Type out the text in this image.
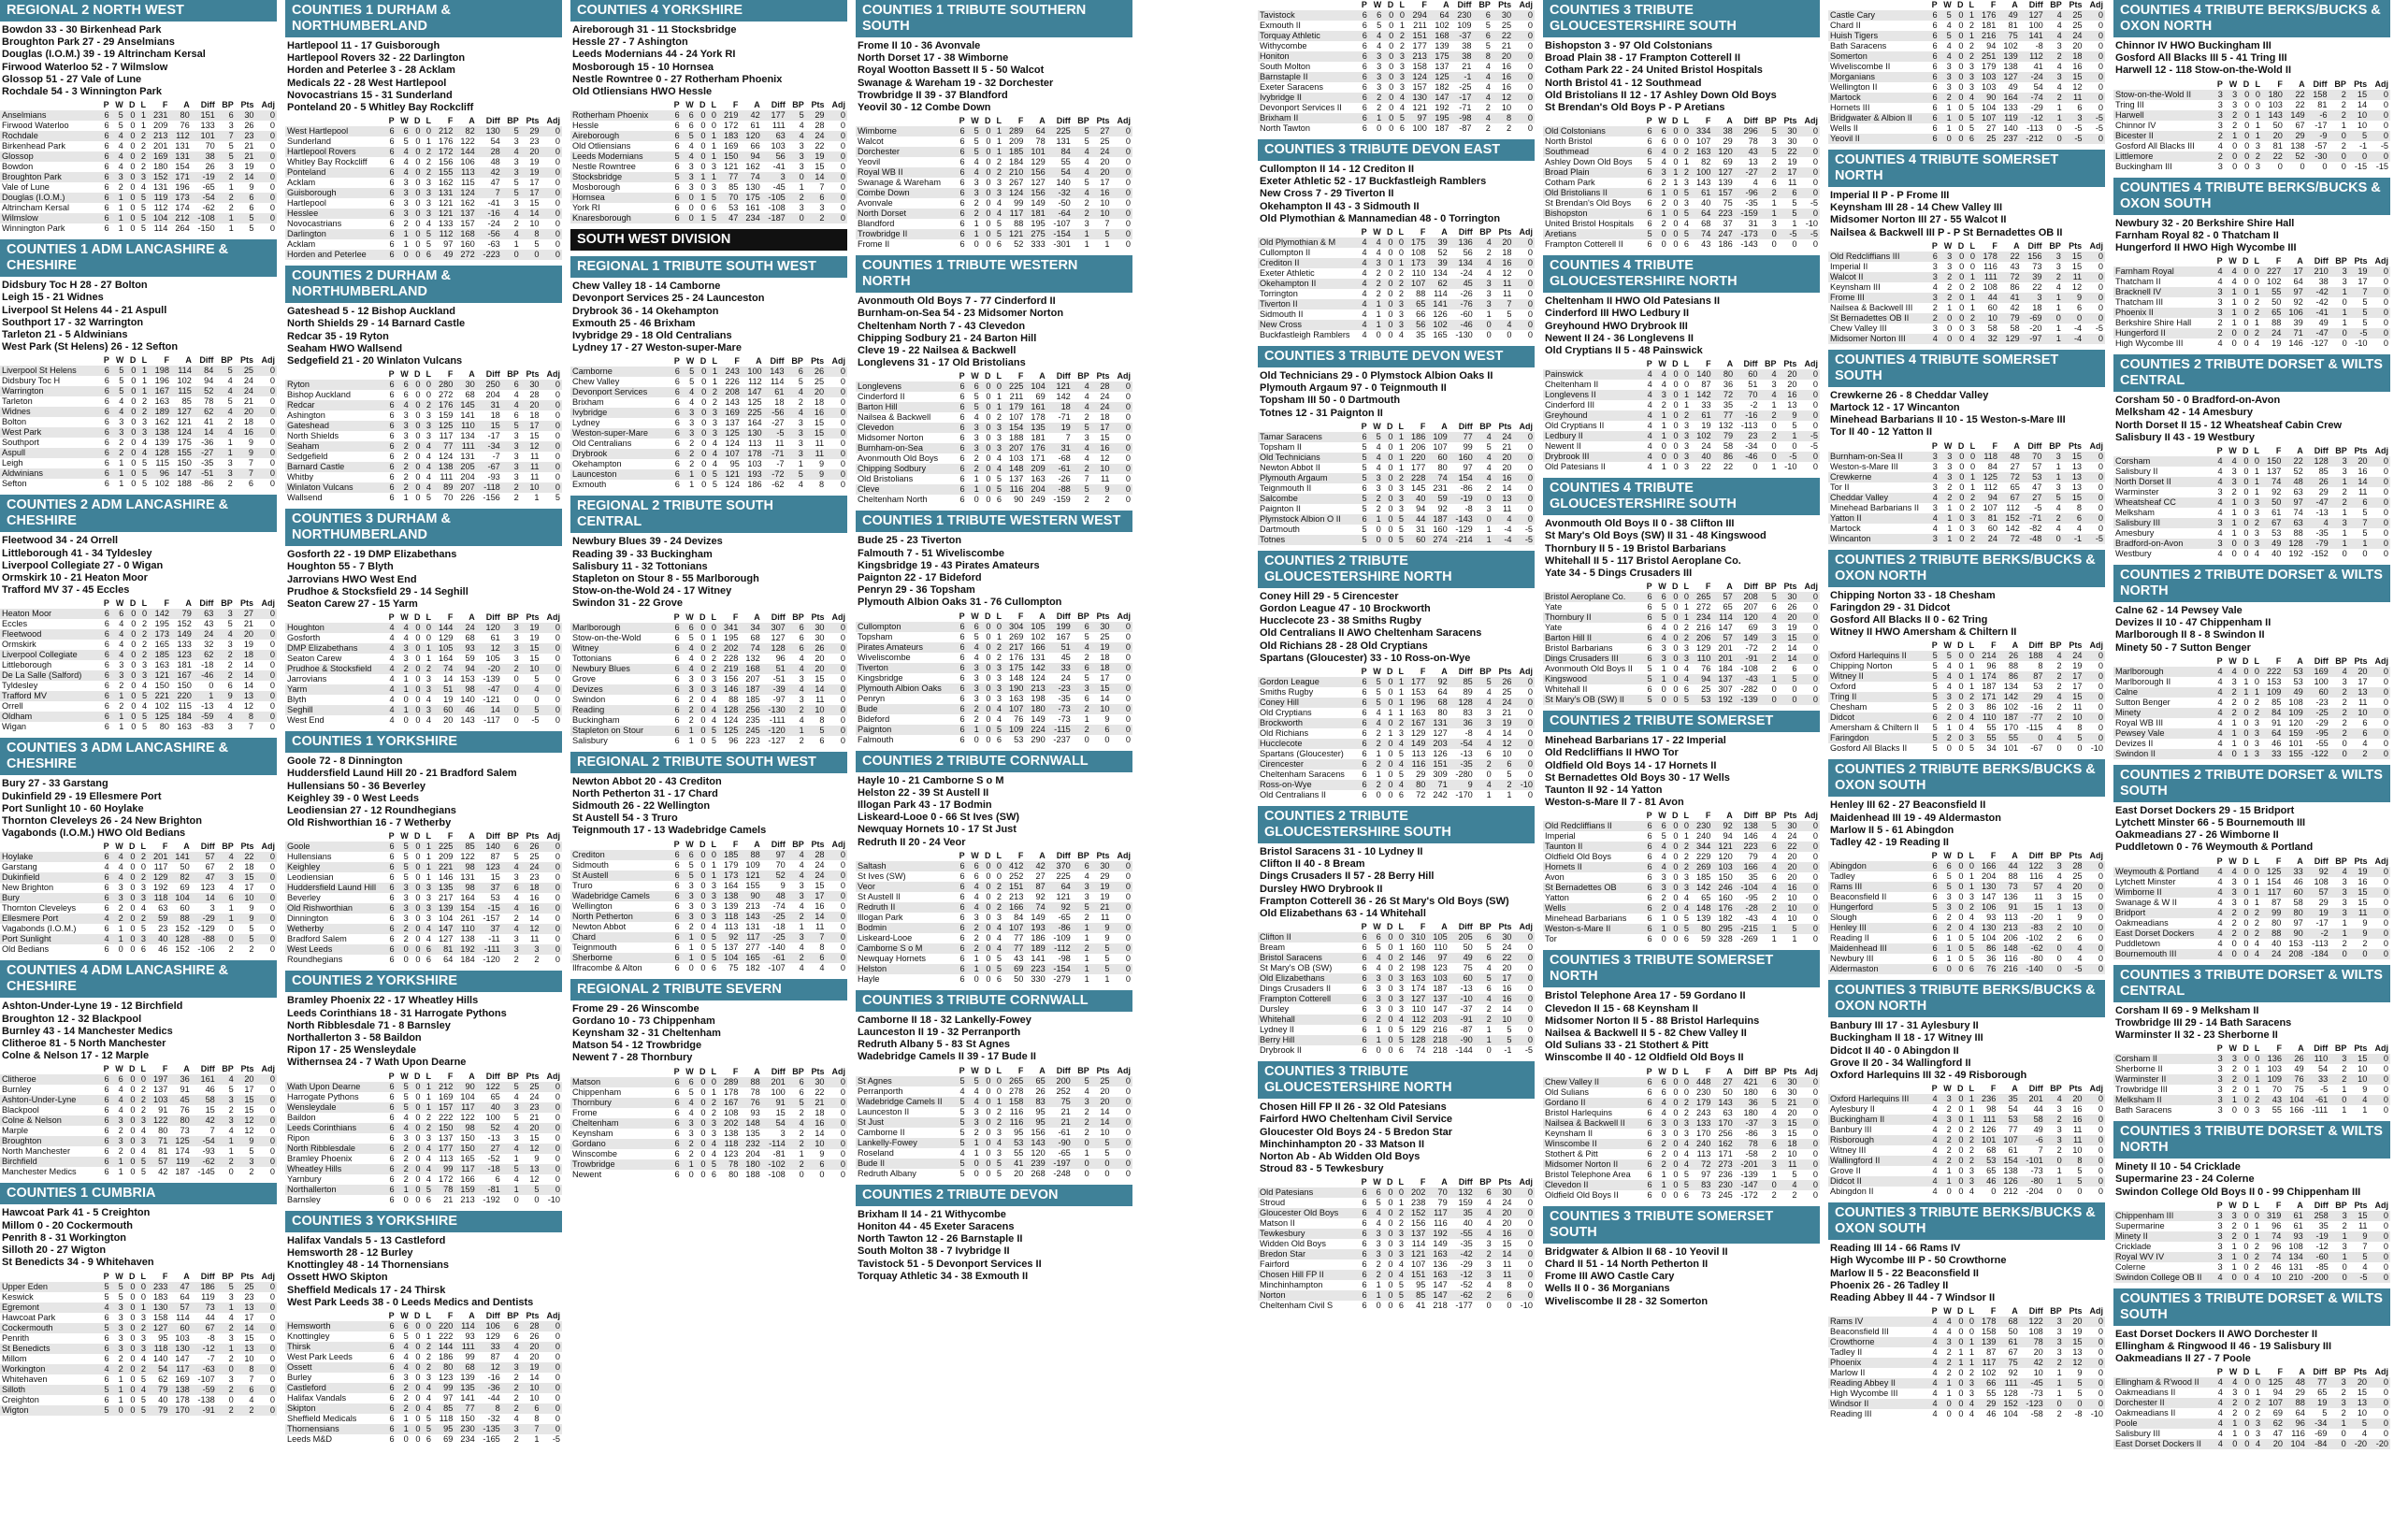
REGIONAL 2 NORTH WEST
Bowdon 33 - 30 Birkenhead Park
Broughton Park 27 - 29 Anselmians
Douglas (I.O.M.) 39 - 19 Altrincham Kersal
Firwood Waterloo 52 - 7 Wilmslow
Glossop 51 - 27 Vale of Lune
Rochdale 54 - 3 Winnington Park
	P	W	D	L	F	A	Diff	BP	Pts	Adj
Anselmians	6	5	0	1	231	80	151	6	30	0
Firwood Waterloo	6	5	0	1	209	76	133	3	26	0
Rochdale	6	4	0	2	213	112	101	7	23	0
Birkenhead Park	6	4	0	2	201	131	70	5	21	0
Glossop	6	4	0	2	169	131	38	5	21	0
Bowdon	6	4	0	2	180	154	26	3	19	0
Broughton Park	6	3	0	3	152	171	-19	2	14	0
Vale of Lune	6	2	0	4	131	196	-65	1	9	0
Douglas (I.O.M.)	6	1	0	5	119	173	-54	2	6	0
Altrincham Kersal	6	1	0	5	112	174	-62	2	6	0
Wilmslow	6	1	0	5	104	212	-108	1	5	0
Winnington Park	6	1	0	5	114	264	-150	1	5	0
COUNTIES 1 ADM LANCASHIRE & CHESHIRE
Didsbury Toc H 28 - 27 Bolton
Leigh 15 - 21 Widnes
Liverpool St Helens 44 - 21 Aspull
Southport 17 - 32 Warrington
Tarleton 21 - 5 Aldwinians
West Park (St Helens) 26 - 12 Sefton
	P	W	D	L	F	A	Diff	BP	Pts	Adj
Liverpool St Helens	6	5	0	1	198	114	84	5	25	0
Didsbury Toc H	6	5	0	1	196	102	94	4	24	0
Warrington	6	5	0	1	167	115	52	4	24	0
Tarleton	6	4	0	2	163	85	78	5	21	0
Widnes	6	4	0	2	189	127	62	4	20	0
Bolton	6	3	0	3	162	121	41	2	18	0
West Park	6	3	0	3	138	124	14	4	16	0
Southport	6	2	0	4	139	175	-36	1	9	0
Aspull	6	2	0	4	128	155	-27	1	9	0
Leigh	6	1	0	5	115	150	-35	3	7	0
Aldwinians	6	1	0	5	96	147	-51	3	7	0
Sefton	6	1	0	5	102	188	-86	2	6	0
COUNTIES 2 ADM LANCASHIRE & CHESHIRE
Fleetwood 34 - 24 Orrell
Littleborough 41 - 34 Tyldesley
Liverpool Collegiate 27 - 0 Wigan
Ormskirk 10 - 21 Heaton Moor
Trafford MV 37 - 45 Eccles
	P	W	D	L	F	A	Diff	BP	Pts	Adj
Heaton Moor	6	6	0	0	142	79	63	3	27	0
Eccles	6	4	0	2	195	152	43	5	21	0
Fleetwood	6	4	0	2	173	149	24	4	20	0
Ormskirk	6	4	0	2	165	133	32	3	19	0
Liverpool Collegiate	6	4	0	2	185	123	62	2	18	0
Littleborough	6	3	0	3	163	181	-18	2	14	0
De La Salle (Salford)	6	3	0	3	121	167	-46	2	14	0
Tyldesley	6	2	0	4	150	150	0	6	14	0
Trafford MV	6	1	0	5	221	220	1	9	13	0
Orrell	6	2	0	4	102	115	-13	4	12	0
Oldham	6	1	0	5	125	184	-59	4	8	0
Wigan	6	1	0	5	80	163	-83	3	7	0
COUNTIES 3 ADM LANCASHIRE & CHESHIRE
Bury 27 - 33 Garstang
Dukinfield 29 - 19 Ellesmere Port
Port Sunlight 10 - 60 Hoylake
Thornton Cleveleys 26 - 24 New Brighton
Vagabonds (I.O.M.) HWO Old Bedians
	P	W	D	L	F	A	Diff	BP	Pts	Adj
Hoylake	6	4	0	2	201	141	57	4	22	0
Garstang	4	4	0	0	117	50	67	2	18	0
Dukinfield	6	4	0	2	129	82	47	3	15	0
New Brighton	6	3	0	3	192	69	123	4	17	0
Bury	6	3	0	3	118	104	14	6	10	0
Thornton Cleveleys	6	2	0	4	63	60	3	1	9	0
Ellesmere Port	4	2	0	2	59	88	-29	1	9	0
Vagabonds (I.O.M.)	6	1	0	5	23	152	-129	0	5	0
Port Sunlight	4	1	0	3	40	128	-88	0	5	0
Old Bedians	6	0	0	6	46	152	-106	2	2	0
COUNTIES 4 ADM LANCASHIRE & CHESHIRE
Ashton-Under-Lyne 19 - 12 Birchfield
Broughton 12 - 32 Blackpool
Burnley 43 - 14 Manchester Medics
Clitheroe 81 - 5 North Manchester
Colne & Nelson 17 - 12 Marple
	P	W	D	L	F	A	Diff	BP	Pts	Adj
Clitheroe	6	6	0	0	197	36	161	4	20	0
Burnley	6	4	0	2	137	91	46	5	17	0
Ashton-Under-Lyne	6	4	0	2	103	45	58	3	15	0
Blackpool	6	4	0	2	91	76	15	2	15	0
Colne & Nelson	6	3	0	3	122	80	42	3	12	0
Marple	6	2	0	4	80	73	7	4	12	0
Broughton	6	3	0	3	71	125	-54	1	9	0
North Manchester	6	2	0	4	81	174	-93	1	5	0
Birchfield	6	1	0	5	57	119	-62	2	3	0
Manchester Medics	6	1	0	5	42	187	-145	0	2	0
COUNTIES 1 CUMBRIA
Hawcoat Park 41 - 5 Creighton
Millom 0 - 20 Cockermouth
Penrith 8 - 31 Workington
Silloth 20 - 27 Wigton
St Benedicts 34 - 9 Whitehaven
	P	W	D	L	F	A	Diff	BP	Pts	Adj
Upper Eden	5	5	0	0	233	47	186	5	25	0
Keswick	5	5	0	0	183	64	119	3	23	0
Egremont	4	3	0	1	130	57	73	1	13	0
Hawcoat Park	6	3	0	3	158	114	44	4	17	0
Cockermouth	5	3	0	2	127	60	67	2	14	0
Penrith	6	3	0	3	95	103	-8	3	15	0
St Benedicts	6	3	0	3	118	130	-12	1	13	0
Millom	6	2	0	4	140	147	-7	2	10	0
Workington	4	2	0	2	54	117	-63	0	8	0
Whitehaven	6	1	0	5	62	169	-107	3	7	0
Silloth	5	1	0	4	79	138	-59	2	6	0
Creighton	6	1	0	5	40	178	-138	0	4	0
Wigton	5	0	0	5	79	170	-91	2	2	0
COUNTIES 1 DURHAM & NORTHUMBERLAND
Hartlepool 11 - 17 Guisborough
Hartlepool Rovers 32 - 22 Darlington
Horden and Peterlee 3 - 28 Acklam
Medicals 22 - 28 West Hartlepool
Novocastrians 15 - 31 Sunderland
Ponteland 20 - 5 Whitley Bay Rockcliff
	P	W	D	L	F	A	Diff	BP	Pts	Adj
West Hartlepool	6	6	0	0	212	82	130	5	29	0
Sunderland	6	5	0	1	176	122	54	3	23	0
Hartlepool Rovers	6	4	0	2	172	144	28	4	20	0
Whitley Bay Rockcliff	6	4	0	2	156	106	48	3	19	0
Ponteland	6	4	0	2	155	113	42	3	19	0
Acklam	6	3	0	3	162	115	47	5	17	0
Guisborough	6	3	0	3	131	124	7	5	17	0
Hartlepool	6	3	0	3	121	162	-41	3	15	0
Hesslee	6	3	0	3	121	137	-16	4	14	0
Novocastrians	6	2	0	4	133	157	-24	2	10	0
Darlington	6	1	0	5	112	168	-56	4	8	0
Acklam	6	1	0	5	97	160	-63	1	5	0
Horden and Peterlee	6	0	0	6	49	272	-223	0	0	0
COUNTIES 2 DURHAM & NORTHUMBERLAND
Gateshead 5 - 12 Bishop Auckland
North Shields 29 - 14 Barnard Castle
Redcar 35 - 19 Ryton
Seaham HWO Wallsend
Sedgefield 21 - 20 Winlaton Vulcans
	P	W	D	L	F	A	Diff	BP	Pts	Adj
Ryton	6	6	0	0	280	30	250	6	30	0
Bishop Auckland	6	6	0	0	272	68	204	4	28	0
Redcar	6	4	0	2	176	145	31	4	20	0
Ashington	6	3	0	3	159	141	18	6	18	0
Gateshead	6	3	0	3	125	110	15	5	17	0
North Shields	6	3	0	3	117	134	-17	3	15	0
Seaham	6	2	0	4	77	111	-34	3	12	0
Sedgefield	6	2	0	4	124	131	-7	3	11	0
Barnard Castle	6	2	0	4	138	205	-67	3	11	0
Whitby	6	2	0	4	111	204	-93	3	11	0
Winlaton Vulcans	6	2	0	4	89	207	-118	2	10	0
Wallsend	6	1	0	5	70	226	-156	2	1	5
COUNTIES 3 DURHAM & NORTHUMBERLAND
Gosforth 22 - 19 DMP Elizabethans
Houghton 55 - 7 Blyth
Jarrovians HWO West End
Prudhoe & Stocksfield 29 - 14 Seghill
Seaton Carew 27 - 15 Yarm
	P	W	D	L	F	A	Diff	BP	Pts	Adj
Houghton	4	4	0	0	144	24	120	3	19	0
Gosforth	4	4	0	0	129	68	61	3	19	0
DMP Elizabethans	4	3	0	1	105	93	12	3	15	0
Seaton Carew	4	3	0	1	164	59	105	3	15	0
Prudhoe & Stocksfield	4	2	0	2	74	94	-20	2	10	0
Jarrovians	4	1	0	3	14	153	-139	0	5	0
Yarm	4	1	0	3	51	98	-47	0	4	0
Blyth	4	0	0	4	19	140	-121	0	0	0
Seghill	4	1	0	3	60	46	14	0	5	0
West End	4	0	0	4	20	143	-117	0	-5	0
COUNTIES 1 YORKSHIRE
Goole 72 - 8 Dinnington
Huddersfield Laund Hill 20 - 21 Bradford Salem
Hullensians 50 - 36 Beverley
Keighley 39 - 0 West Leeds
Leodiensian 27 - 12 Roundhegians
Old Rishworthian 16 - 7 Wetherby
	P	W	D	L	F	A	Diff	BP	Pts	Adj
Goole	6	5	0	1	225	85	140	6	26	0
Hullensians	6	5	0	1	209	122	87	5	25	0
Keighley	6	5	0	1	221	98	123	4	24	0
Leodiensian	6	5	0	1	146	131	15	3	23	0
Huddersfield Laund Hill	6	3	0	3	135	98	37	6	18	0
Beverley	6	3	0	3	217	164	53	4	16	0
Old Rishworthian	6	3	0	3	139	154	-15	4	16	0
Dinnington	6	3	0	3	104	261	-157	2	14	0
Wetherby	6	2	0	4	147	110	37	4	12	0
Bradford Salem	6	2	0	4	127	138	-11	3	11	0
West Leeds	6	0	0	6	81	192	-111	3	3	0
Roundhegians	6	0	0	6	64	184	-120	2	2	0
COUNTIES 2 YORKSHIRE
Bramley Phoenix 22 - 17 Wheatley Hills
Leeds Corinthians 18 - 31 Harrogate Pythons
North Ribblesdale 71 - 8 Barnsley
Northallerton 3 - 58 Baildon
Ripon 17 - 25 Wensleydale
Withernsea 24 - 7 Wath Upon Dearne
	P	W	D	L	F	A	Diff	BP	Pts	Adj
Wath Upon Dearne	6	5	0	1	212	90	122	5	25	0
Harrogate Pythons	6	5	0	1	169	104	65	4	24	0
Wensleydale	6	5	0	1	157	117	40	3	23	0
Baildon	6	4	0	2	222	122	100	5	21	0
Leeds Corinthians	6	4	0	2	150	98	52	4	20	0
Ripon	6	3	0	3	137	150	-13	3	15	0
North Ribblesdale	6	2	0	4	177	150	27	4	12	0
Bramley Phoenix	6	2	0	4	113	165	-52	1	9	0
Wheatley Hills	6	2	0	4	99	117	-18	5	13	0
Yarnbury	6	2	0	4	172	166	6	4	12	0
Northallerton	6	1	0	5	78	159	-81	1	5	0
Barnsley	6	0	0	6	21	213	-192	0	0	-10
COUNTIES 3 YORKSHIRE
Halifax Vandals 5 - 13 Castleford
Hemsworth 28 - 12 Burley
Knottingley 48 - 14 Thornensians
Ossett HWO Skipton
Sheffield Medicals 17 - 24 Thirsk
West Park Leeds 38 - 0 Leeds Medics and Dentists
	P	W	D	L	F	A	Diff	BP	Pts	Adj
Hemsworth	6	6	0	0	220	114	106	6	28	0
Knottingley	6	5	0	1	222	93	129	6	26	0
Thirsk	6	4	0	2	144	111	33	4	20	0
West Park Leeds	6	4	0	2	186	99	87	4	20	0
Ossett	6	4	0	2	80	68	12	3	19	0
Burley	6	3	0	3	123	139	-16	2	14	0
Castleford	6	2	0	4	99	135	-36	2	10	0
Halifax Vandals	6	2	0	4	97	141	-44	2	10	0
Skipton	6	2	0	4	85	77	8	2	6	0
Sheffield Medicals	6	1	0	5	118	150	-32	4	8	0
Thornensians	6	1	0	5	95	230	-135	3	7	0
Leeds M&D	6	0	0	6	69	234	-165	2	1	-5
COUNTIES 4 YORKSHIRE
Aireborough 31 - 11 Stocksbridge
Hessle 27 - 7 Ashington
Leeds Modernians 44 - 24 York RI
Mosborough 15 - 10 Hornsea
Nestle Rowntree 0 - 27 Rotherham Phoenix
Old Otliensians HWO Hessle
	P	W	D	L	F	A	Diff	BP	Pts	Adj
Rotherham Phoenix	6	6	0	0	219	42	177	5	29	0
Hessle	6	6	0	0	172	61	111	4	28	0
Aireborough	6	5	0	1	183	120	63	4	24	0
Old Otliensians	6	4	0	1	169	66	103	3	22	0
Leeds Modernians	5	4	0	1	150	94	56	3	19	0
Nestle Rowntree	6	3	0	3	121	162	-41	3	15	0
Stocksbridge	5	3	1	1	77	74	3	0	14	0
Mosborough	6	3	0	3	85	130	-45	1	7	0
Hornsea	6	0	1	5	70	175	-105	2	6	0
York RI	6	0	0	6	53	161	-108	3	3	0
Knaresborough	6	0	1	5	47	234	-187	0	2	0
SOUTH WEST DIVISION
REGIONAL 1 TRIBUTE SOUTH WEST
Chew Valley 18 - 14 Camborne
Devonport Services 25 - 24 Launceston
Drybrook 36 - 14 Okehampton
Exmouth 25 - 46 Brixham
Ivybridge 29 - 18 Old Centralians
Lydney 17 - 27 Weston-super-Mare
	P	W	D	L	F	A	Diff	BP	Pts	Adj
Camborne	6	5	0	1	243	100	143	6	26	0
Chew Valley	6	5	0	1	226	112	114	5	25	0
Devonport Services	6	4	0	2	208	147	61	4	20	0
Brixham	6	4	0	2	143	125	18	2	18	0
Ivybridge	6	3	0	3	169	225	-56	4	16	0
Lydney	6	3	0	3	137	164	-27	3	15	0
Weston-super-Mare	6	3	0	3	125	130	-5	3	15	0
Old Centralians	6	2	0	4	124	113	11	3	11	0
Drybrook	6	2	0	4	107	178	-71	3	11	0
Okehampton	6	2	0	4	95	103	-7	1	9	0
Launceston	6	1	0	5	121	193	-72	5	9	0
Exmouth	6	1	0	5	124	186	-62	4	8	0
REGIONAL 2 TRIBUTE SOUTH CENTRAL
Newbury Blues 39 - 24 Devizes
Reading 39 - 33 Buckingham
Salisbury 11 - 32 Tottonians
Stapleton on Stour 8 - 55 Marlborough
Stow-on-the-Wold 24 - 17 Witney
Swindon 31 - 22 Grove
	P	W	D	L	F	A	Diff	BP	Pts	Adj
Marlborough	6	6	0	0	341	34	307	6	30	0
Stow-on-the-Wold	6	5	0	1	195	68	127	6	30	0
Witney	6	4	0	2	202	74	128	6	26	0
Tottonians	6	4	0	2	228	132	96	4	20	0
Newbury Blues	6	4	0	2	219	168	51	4	20	0
Grove	6	3	0	3	156	207	-51	3	15	0
Devizes	6	3	0	3	146	187	-39	4	14	0
Swindon	6	2	0	4	88	185	-97	3	11	0
Reading	6	2	0	4	128	256	-130	2	10	0
Buckingham	6	2	0	4	124	235	-111	4	8	0
Stapleton on Stour	6	1	0	5	125	245	-120	1	5	0
Salisbury	6	1	0	5	96	223	-127	2	6	0
REGIONAL 2 TRIBUTE SOUTH WEST
Newton Abbot 20 - 43 Crediton
North Petherton 31 - 17 Chard
Sidmouth 26 - 22 Wellington
St Austell 54 - 3 Truro
Teignmouth 17 - 13 Wadebridge Camels
	P	W	D	L	F	A	Diff	BP	Pts	Adj
Crediton	6	6	0	0	185	88	97	4	28	0
Sidmouth	6	5	0	1	179	109	70	4	24	0
St Austell	6	5	0	1	173	121	52	4	24	0
Truro	6	3	0	3	164	155	9	3	15	0
Wadebridge Camels	6	3	0	3	138	90	48	3	17	0
Wellington	6	3	0	3	139	213	-74	4	16	0
North Petherton	6	3	0	3	118	143	-25	2	14	0
Newton Abbot	6	2	0	4	113	131	-18	1	11	0
Chard	6	1	0	5	92	117	-25	3	7	0
Teignmouth	6	1	0	5	137	277	-140	4	8	0
Sherborne	6	1	0	5	104	165	-61	2	6	0
Ilfracombe & Alton	6	0	0	6	75	182	-107	4	4	0
REGIONAL 2 TRIBUTE SEVERN
Frome 29 - 26 Winscombe
Gordano 10 - 73 Chippenham
Keynsham 32 - 31 Cheltenham
Matson 54 - 12 Trowbridge
Newent 7 - 28 Thornbury
	P	W	D	L	F	A	Diff	BP	Pts	Adj
Matson	6	6	0	0	289	88	201	6	30	0
Chippenham	6	5	0	1	178	78	100	6	22	0
Thornbury	6	4	0	2	167	76	91	5	21	0
Frome	6	4	0	2	108	93	15	2	18	0
Cheltenham	6	3	0	3	202	148	54	4	16	0
Keynsham	6	3	0	3	138	135	3	2	14	0
Gordano	6	2	0	4	118	232	-114	2	10	0
Winscombe	6	2	0	4	123	204	-81	1	9	0
Trowbridge	6	1	0	5	78	180	-102	2	6	0
Newent	6	0	0	6	80	188	-108	0	0	0
COUNTIES 1 TRIBUTE SOUTHERN SOUTH
Frome II 10 - 36 Avonvale
North Dorset 17 - 38 Wimborne
Royal Wootton Bassett II 5 - 50 Walcot
Swanage & Wareham 19 - 32 Dorchester
Trowbridge II 39 - 37 Blandford
Yeovil 30 - 12 Combe Down
	P	W	D	L	F	A	Diff	BP	Pts	Adj
Wimborne	6	5	0	1	289	64	225	5	27	0
Walcot	6	5	0	1	209	78	131	5	25	0
Dorchester	6	5	0	1	185	101	84	4	24	0
Yeovil	6	4	0	2	184	129	55	4	20	0
Royal WB II	6	4	0	2	210	156	54	4	20	0
Swanage & Wareham	6	3	0	3	267	127	140	5	17	0
Combe Down	6	3	0	3	124	156	-32	4	16	0
Avonvale	6	2	0	4	99	149	-50	2	10	0
North Dorset	6	2	0	4	117	181	-64	2	10	0
Blandford	6	1	0	5	88	195	-107	3	7	0
Trowbridge II	6	1	0	5	121	275	-154	1	5	0
Frome II	6	0	0	6	52	333	-301	1	1	0
COUNTIES 1 TRIBUTE WESTERN NORTH
Avonmouth Old Boys 7 - 77 Cinderford II
Burnham-on-Sea 54 - 23 Midsomer Norton
Cheltenham North 7 - 43 Clevedon
Chipping Sodbury 21 - 24 Barton Hill
Cleve 19 - 22 Nailsea & Backwell
Longlevens 31 - 17 Old Bristolians
	P	W	D	L	F	A	Diff	BP	Pts	Adj
Longlevens	6	6	0	0	225	104	121	4	28	0
Cinderford II	6	5	0	1	211	69	142	4	24	0
Barton Hill	6	5	0	1	179	161	18	4	24	0
Nailsea & Backwell	6	4	0	2	107	178	-71	2	18	0
Clevedon	6	3	0	3	154	135	19	5	17	0
Midsomer Norton	6	3	0	3	188	181	7	3	15	0
Burnham-on-Sea	6	3	0	3	207	176	31	4	16	0
Avonmouth Old Boys	6	2	0	4	103	171	-68	4	12	0
Chipping Sodbury	6	2	0	4	148	209	-61	2	10	0
Old Bristolians	6	1	0	5	137	163	-26	7	11	0
Cleve	6	1	0	5	116	204	-88	5	9	0
Cheltenham North	6	0	0	6	90	249	-159	2	2	0
COUNTIES 1 TRIBUTE WESTERN WEST
Bude 25 - 23 Tiverton
Falmouth 7 - 51 Wiveliscombe
Kingsbridge 19 - 43 Pirates Amateurs
Paignton 22 - 17 Bideford
Penryn 29 - 36 Topsham
Plymouth Albion Oaks 31 - 76 Cullompton
	P	W	D	L	F	A	Diff	BP	Pts	Adj
Cullompton	6	6	0	0	304	105	199	6	30	0
Topsham	6	5	0	1	269	102	167	5	25	0
Pirates Amateurs	6	4	0	2	217	166	51	4	19	0
Wiveliscombe	6	4	0	2	176	131	45	2	18	0
Tiverton	6	3	0	3	175	142	33	6	18	0
Kingsbridge	6	3	0	3	148	124	24	5	17	0
Plymouth Albion Oaks	6	3	0	3	190	213	-23	3	15	0
Penryn	6	3	0	3	163	198	-35	6	14	0
Bude	6	2	0	4	107	180	-73	2	10	0
Bideford	6	2	0	4	76	149	-73	1	9	0
Paignton	6	1	0	5	109	224	-115	2	6	0
Falmouth	6	0	0	6	53	290	-237	0	0	0
COUNTIES 2 TRIBUTE CORNWALL
Hayle 10 - 21 Camborne S o M
Helston 22 - 39 St Austell II
Illogan Park 43 - 17 Bodmin
Liskeard-Looe 0 - 66 St Ives (SW)
Newquay Hornets 10 - 17 St Just
Redruth II 20 - 24 Veor
	P	W	D	L	F	A	Diff	BP	Pts	Adj
Saltash	6	6	0	0	412	42	370	6	30	0
St Ives (SW)	6	6	0	0	252	27	225	4	29	0
Veor	6	4	0	2	151	87	64	3	19	0
St Austell II	6	4	0	2	213	92	121	3	19	0
Redruth II	6	4	0	2	166	74	92	5	21	0
Illogan Park	6	3	0	3	84	149	-65	2	11	0
Bodmin	6	2	0	4	107	193	-86	1	9	0
Liskeard-Looe	6	2	0	4	77	186	-109	1	9	0
Camborne S o M	6	2	0	4	77	189	-112	2	5	0
Newquay Hornets	6	1	0	5	43	141	-98	1	5	0
Helston	6	1	0	5	69	223	-154	1	5	0
Hayle	6	0	0	6	50	330	-279	1	1	0
COUNTIES 3 TRIBUTE CORNWALL
Camborne II 18 - 32 Lankelly-Fowey
Launceston II 19 - 32 Perranporth
Redruth Albany 5 - 83 St Agnes
Wadebridge Camels II 39 - 17 Bude II
	P	W	D	L	F	A	Diff	BP	Pts	Adj
St Agnes	5	5	0	0	265	65	200	5	25	0
Perranporth	4	4	0	0	278	26	252	4	20	0
Wadebridge Camels II	5	4	0	1	158	83	75	3	20	0
Launceston II	5	3	0	2	116	95	21	2	14	0
St Just	5	3	0	2	116	95	21	2	14	0
Camborne II	5	2	0	3	95	156	-61	2	10	0
Lankelly-Fowey	5	1	0	4	53	143	-90	0	5	0
Roseland	4	1	0	3	55	120	-65	1	5	0
Bude II	5	0	0	5	41	239	-197	0	0	0
Redruth Albany	5	0	0	5	20	268	-248	0	0	0
COUNTIES 2 TRIBUTE DEVON
Brixham II 14 - 21 Withycombe
Honiton 44 - 45 Exeter Saracens
North Tawton 12 - 26 Barnstaple II
South Molton 38 - 7 Ivybridge II
Tavistock 51 - 5 Devonport Services II
Torquay Athletic 34 - 38 Exmouth II
	P	W	D	L	F	A	Diff	BP	Pts	Adj
Tavistock	6	6	0	0	294	64	230	6	30	0
Exmouth II	6	5	0	1	211	102	109	5	25	0
Torquay Athletic	6	4	0	2	151	168	-37	6	22	0
Withycombe	6	4	0	2	177	139	38	5	21	0
Honiton	6	3	0	3	213	175	38	8	20	0
South Molton	6	3	0	3	158	137	21	4	16	0
Barnstaple II	6	3	0	3	124	125	-1	4	16	0
Exeter Saracens	6	3	0	3	157	182	-25	4	16	0
Ivybridge II	6	2	0	4	130	147	-17	4	12	0
Devonport Services II	6	2	0	4	121	192	-71	2	10	0
Brixham II	6	1	0	5	97	195	-98	4	8	0
North Tawton	6	0	0	6	100	187	-87	2	2	0
COUNTIES 3 TRIBUTE DEVON EAST
Cullompton II 14 - 12 Crediton II
Exeter Athletic 52 - 17 Buckfastleigh Ramblers
New Cross 7 - 29 Tiverton II
Okehampton II 43 - 3 Sidmouth II
Old Plymothian & Mannamedian 48 - 0 Torrington
	P	W	D	L	F	A	Diff	BP	Pts	Adj
Old Plymothian & M	4	4	0	0	175	39	136	4	20	0
Cullompton II	4	4	0	0	108	52	56	2	18	0
Crediton II	4	3	0	1	173	39	134	4	16	0
Exeter Athletic	4	2	0	2	110	134	-24	4	12	0
Okehampton II	4	2	0	2	107	62	45	3	11	0
Torrington	4	2	0	2	88	114	-26	3	11	0
Tiverton II	4	1	0	3	65	141	-76	3	7	0
Sidmouth II	4	1	0	3	66	126	-60	1	5	0
New Cross	4	1	0	3	56	102	-46	0	4	0
Buckfastleigh Ramblers	4	0	0	4	35	165	-130	0	0	0
COUNTIES 3 TRIBUTE DEVON WEST
Old Technicians 29 - 0 Plymstock Albion Oaks II
Plymouth Argaum 97 - 0 Teignmouth II
Topsham III 50 - 0 Dartmouth
Totnes 12 - 31 Paignton II
	P	W	D	L	F	A	Diff	BP	Pts	Adj
Tamar Saracens	6	5	0	1	186	109	77	4	24	0
Topsham II	5	4	0	1	206	107	99	5	21	0
Old Technicians	5	4	0	1	220	60	160	4	20	0
Newton Abbot II	5	4	0	1	177	80	97	4	20	0
Plymouth Argaum	5	3	0	2	228	74	154	4	16	0
Teignmouth II	6	3	0	3	145	231	-86	2	14	0
Salcombe	5	2	0	3	40	59	-19	0	13	0
Paignton II	5	2	0	3	94	92	-8	3	11	0
Plymstock Albion O II	6	1	0	5	44	187	-143	0	4	0
Dartmouth	5	0	0	5	31	160	-129	1	-4	-5
Totnes	5	0	0	5	60	274	-214	1	-4	-5
COUNTIES 2 TRIBUTE GLOUCESTERSHIRE NORTH
Coney Hill 29 - 5 Cirencester
Gordon League 47 - 10 Brockworth
Hucclecote 23 - 38 Smiths Rugby
Old Centralians II AWO Cheltenham Saracens
Old Richians 28 - 28 Old Cryptians
Spartans (Gloucester) 33 - 10 Ross-on-Wye
	P	W	D	L	F	A	Diff	BP	Pts	Adj
Gordon League	6	5	0	1	177	92	85	5	26	0
Smiths Rugby	6	5	0	1	153	64	89	4	25	0
Coney Hill	6	5	0	1	196	68	128	4	24	0
Old Cryptians	6	4	1	1	163	80	83	3	21	0
Brockworth	6	4	0	2	167	131	36	3	19	0
Old Richians	6	2	1	3	129	127	-8	4	14	0
Hucclecote	6	2	0	4	149	203	-54	4	12	0
Spartans (Gloucester)	6	1	0	5	113	126	-13	6	10	0
Cirencester	6	2	0	4	116	151	-35	2	6	0
Cheltenham Saracens	6	1	0	5	29	309	-280	0	5	0
Ross-on-Wye	6	2	0	4	80	71	9	4	2	-10
Old Centralians II	6	0	0	6	72	242	-170	1	1	0
COUNTIES 2 TRIBUTE GLOUCESTERSHIRE SOUTH
Bristol Saracens 31 - 10 Lydney II
Clifton II 40 - 8 Bream
Dings Crusaders II 57 - 28 Berry Hill
Dursley HWO Drybrook II
Frampton Cotterell 36 - 26 St Mary's Old Boys (SW)
Old Elizabethans 63 - 14 Whitehall
	P	W	D	L	F	A	Diff	BP	Pts	Adj
Clifton II	6	6	0	0	310	105	205	6	30	0
Bream	6	5	0	1	160	110	50	5	24	0
Bristol Saracens	6	4	0	2	146	97	49	6	22	0
St Mary's OB (SW)	6	4	0	2	198	123	75	4	20	0
Old Elizabethans	6	3	0	3	163	103	60	5	17	0
Dings Crusaders II	6	3	0	3	174	187	-13	6	16	0
Frampton Cotterell	6	3	0	3	127	137	-10	4	16	0
Dursley	6	3	0	3	110	147	-37	2	14	0
Whitehall	6	2	0	4	112	203	-91	2	10	0
Lydney II	6	1	0	5	129	216	-87	1	5	0
Berry Hill	6	1	0	5	128	218	-90	1	5	0
Drybrook II	6	0	0	6	74	218	-144	0	-1	-5
COUNTIES 3 TRIBUTE GLOUCESTERSHIRE NORTH
Chosen Hill FP II 26 - 32 Old Patesians
Fairford HWO Cheltenham Civil Service
Gloucester Old Boys 24 - 5 Bredon Star
Minchinhampton 20 - 33 Matson II
Norton Ab - Ab Widden Old Boys
Stroud 83 - 5 Tewkesbury
	P	W	D	L	F	A	Diff	BP	Pts	Adj
Old Patesians	6	6	0	0	202	70	132	6	30	0
Stroud	6	5	0	1	238	79	159	4	24	0
Gloucester Old Boys	6	4	0	2	152	117	35	4	20	0
Matson II	6	4	0	2	156	116	40	4	20	0
Tewkesbury	6	3	0	3	137	192	-55	4	16	0
Widden Old Boys	6	3	0	3	114	149	-35	3	15	0
Bredon Star	6	3	0	3	121	163	-42	2	14	0
Fairford	6	2	0	4	107	136	-29	3	11	0
Chosen Hill FP II	6	2	0	4	151	163	-12	3	11	0
Minchinhampton	6	1	0	5	95	147	-52	4	8	0
Norton	6	1	0	5	85	147	-62	2	6	0
Cheltenham Civil S	6	0	0	6	41	218	-177	0	0	-10
COUNTIES 3 TRIBUTE GLOUCESTERSHIRE SOUTH
Bishopston 3 - 97 Old Colstonians
Broad Plain 38 - 17 Frampton Cotterell II
Cotham Park 22 - 24 United Bristol Hospitals
North Bristol 41 - 12 Southmead
Old Bristolians II 12 - 17 Ashley Down Old Boys
St Brendan's Old Boys P - P Aretians
	P	W	D	L	F	A	Diff	BP	Pts	Adj
Old Colstonians	6	6	0	0	334	38	296	5	30	0
North Bristol	6	6	0	0	107	29	78	3	30	0
Southmead	6	4	0	2	163	120	43	5	22	0
Ashley Down Old Boys	5	4	0	1	82	69	13	2	19	0
Broad Plain	6	3	1	2	100	127	-27	2	17	0
Cotham Park	6	2	1	3	143	139	4	6	11	0
Old Bristolians II	6	1	0	5	61	157	-96	2	6	0
St Brendan's Old Boys	6	2	0	3	40	75	-35	1	5	-5
Bishopston	6	1	0	5	64	223	-159	1	5	0
United Bristol Hospitals	6	2	0	4	68	37	31	3	1	-10
Aretians	5	0	0	5	74	247	-173	0	-5	-5
Frampton Cotterell II	6	0	0	6	43	186	-143	0	0	0
COUNTIES 4 TRIBUTE GLOUCESTERSHIRE NORTH
Cheltenham II HWO Old Patesians II
Cinderford III HWO Ledbury II
Greyhound HWO Drybrook III
Newent II 24 - 36 Longlevens II
Old Cryptians II 5 - 48 Painswick
	P	W	D	L	F	A	Diff	BP	Pts	Adj
Painswick	4	4	0	0	140	80	60	4	20	0
Cheltenham II	4	4	0	0	87	36	51	3	20	0
Longlevens II	4	3	0	1	142	72	70	4	16	0
Cinderford III	4	2	0	1	33	35	-2	1	13	0
Greyhound	4	1	0	2	61	77	-16	2	9	0
Old Cryptians II	4	1	0	3	19	132	-113	0	5	0
Ledbury II	4	1	0	3	102	79	23	2	1	-5
Newent II	4	0	0	3	24	58	-34	0	0	-5
Drybrook III	4	0	0	3	40	86	-46	0	-5	0
Old Patesians II	4	1	0	3	22	22	0	1	-10	0
COUNTIES 4 TRIBUTE GLOUCESTERSHIRE SOUTH
Avonmouth Old Boys II 0 - 38 Clifton III
St Mary's Old Boys (SW) II 31 - 48 Kingswood
Thornbury II 5 - 19 Bristol Barbarians
Whitehall II 5 - 117 Bristol Aeroplane Co.
Yate 34 - 5 Dings Crusaders III
	P	W	D	L	F	A	Diff	BP	Pts	Adj
Bristol Aeroplane Co.	6	6	0	0	265	57	208	5	30	0
Yate	6	5	0	1	272	65	207	6	26	0
Thornbury II	6	5	0	1	234	114	120	4	20	0
Yate	6	4	0	2	216	147	69	3	19	0
Barton Hill II	6	4	0	2	206	57	149	3	15	0
Bristol Barbarians	6	3	0	3	129	201	-72	2	14	0
Dings Crusaders III	6	3	0	3	110	201	-91	2	14	0
Avonmouth Old Boys II	5	1	0	4	76	184	-108	2	6	0
Kingswood	5	1	0	4	94	137	-43	1	5	0
Whitehall II	6	0	0	6	25	307	-282	0	0	0
St Mary's OB (SW) II	5	0	0	5	53	192	-139	0	0	0
COUNTIES 2 TRIBUTE SOMERSET
Minehead Barbarians 17 - 22 Imperial
Old Redcliffians II HWO Tor
Oldfield Old Boys 14 - 17 Hornets II
St Bernadettes Old Boys 30 - 17 Wells
Taunton II 92 - 14 Yatton
Weston-s-Mare II 7 - 81 Avon
	P	W	D	L	F	A	Diff	BP	Pts	Adj
Old Redcliffians II	6	6	0	0	230	92	138	5	30	0
Imperial	6	5	0	1	240	94	146	4	24	0
Taunton II	6	4	0	2	344	121	223	6	22	0
Oldfield Old Boys	6	4	0	2	229	120	79	4	20	0
Hornets II	6	4	0	2	269	103	166	4	20	0
Avon	6	3	0	3	185	150	35	6	20	0
St Bernadettes OB	6	3	0	3	142	246	-104	4	16	0
Yatton	6	2	0	4	65	160	-95	2	10	0
Wells	6	2	0	4	148	176	-28	2	10	0
Minehead Barbarians	6	1	0	5	139	182	-43	4	10	0
Weston-s-Mare II	6	1	0	5	80	295	-215	1	5	0
Tor	6	0	0	6	59	328	-269	1	1	0
COUNTIES 3 TRIBUTE SOMERSET NORTH
Bristol Telephone Area 17 - 59 Gordano II
Clevedon II 15 - 68 Keynsham II
Midsomer Norton II 5 - 88 Bristol Harlequins
Nailsea & Backwell II 5 - 82 Chew Valley II
Old Sulians 33 - 21 Stothert & Pitt
Winscombe II 40 - 12 Oldfield Old Boys II
	P	W	D	L	F	A	Diff	BP	Pts	Adj
Chew Valley II	6	6	0	0	448	27	421	6	30	0
Old Sulians	6	6	0	0	230	50	180	6	30	0
Gordano II	6	4	0	2	179	143	36	5	21	0
Bristol Harlequins	6	4	0	2	243	63	180	4	20	0
Nailsea & Backwell II	6	3	0	3	133	170	-37	3	15	0
Keynsham II	6	3	0	3	170	256	-86	3	15	0
Winscombe II	6	2	0	4	240	162	78	6	18	0
Stothert & Pitt	6	2	0	4	113	171	-58	2	10	0
Midsomer Norton II	6	2	0	4	72	273	-201	3	11	0
Bristol Telephone Area	6	1	0	5	97	236	-139	1	5	0
Clevedon II	6	1	0	5	83	230	-147	0	4	0
Oldfield Old Boys II	6	0	0	6	73	245	-172	2	2	0
COUNTIES 3 TRIBUTE SOMERSET SOUTH
Bridgwater & Albion II 68 - 10 Yeovil II
Chard II 51 - 14 North Petherton II
Frome III AWO Castle Cary
Wells II 0 - 36 Morganians
Wiveliscombe II 28 - 32 Somerton
	P	W	D	L	F	A	Diff	BP	Pts	Adj
Castle Cary	6	5	0	1	176	49	127	4	25	0
Chard II	6	4	0	2	181	81	100	4	25	0
Huish Tigers	6	5	0	1	216	75	141	4	24	0
Bath Saracens	6	4	0	2	94	102	-8	3	20	0
Somerton	6	4	0	2	251	139	112	2	18	0
Wiveliscombe II	6	3	0	3	179	138	41	4	16	0
Morganians	6	3	0	3	103	127	-24	3	15	0
Wellington II	6	3	0	3	103	49	54	4	12	0
Martock	6	2	0	4	90	164	-74	2	11	0
Hornets III	6	1	0	5	104	133	-29	1	6	0
Bridgwater & Albion II	6	1	0	5	107	119	-12	1	3	-5
Wells II	6	1	0	5	27	140	-113	0	-5	-5
Yeovil II	6	0	0	6	25	237	-212	0	-5	0
COUNTIES 4 TRIBUTE SOMERSET NORTH
Imperial II P - P Frome III
Keynsham III 28 - 14 Chew Valley III
Midsomer Norton III 27 - 55 Walcot II
Nailsea & Backwell III P - P St Bernadettes OB II
	P	W	D	L	F	A	Diff	BP	Pts	Adj
Old Redcliffians III	6	3	0	0	178	22	156	3	15	0
Imperial II	3	3	0	0	116	43	73	3	15	0
Walcot II	3	2	0	1	111	72	39	2	11	0
Keynsham III	4	2	0	2	108	86	22	4	12	0
Frome III	3	2	0	1	44	41	3	1	9	0
Nailsea & Backwell III	2	1	0	1	60	42	18	1	6	0
St Bernadettes OB II	2	0	0	2	10	79	-69	0	0	0
Chew Valley III	3	0	0	3	58	58	-20	1	-4	-5
Midsomer Norton III	4	0	0	4	32	129	-97	1	-4	0
COUNTIES 4 TRIBUTE SOMERSET SOUTH
Crewkerne 26 - 8 Cheddar Valley
Martock 12 - 17 Wincanton
Minehead Barbarians II 10 - 15 Weston-s-Mare III
Tor II 40 - 12 Yatton II
	P	W	D	L	F	A	Diff	BP	Pts	Adj
Burnham-on-Sea II	3	3	0	0	118	48	70	3	15	0
Weston-s-Mare III	3	3	0	0	84	27	57	1	13	0
Crewkerne	4	3	0	1	125	72	53	1	13	0
Tor II	3	2	0	1	112	65	47	3	13	0
Cheddar Valley	4	2	0	2	94	67	27	5	15	0
Minehead Barbarians II	3	1	0	2	107	112	-5	4	8	0
Yatton II	4	1	0	3	81	152	-71	2	6	0
Martock	4	1	0	3	60	142	-82	4	4	0
Wincanton	3	1	0	2	24	72	-48	0	-1	-5
COUNTIES 2 TRIBUTE BERKS/BUCKS & OXON NORTH
Chipping Norton 33 - 18 Chesham
Faringdon 29 - 31 Didcot
Gosford All Blacks II 0 - 62 Tring
Witney II HWO Amersham & Chiltern II
	P	W	D	L	F	A	Diff	BP	Pts	Adj
Oxford Harlequins II	5	5	0	0	214	26	188	4	24	0
Chipping Norton	5	4	0	1	96	88	8	2	19	0
Witney II	5	4	0	1	174	86	87	2	17	0
Oxford	5	4	0	1	187	134	53	2	17	0
Tring II	5	3	0	2	171	142	29	4	15	0
Chesham	5	2	0	3	86	102	-16	2	11	0
Didcot	6	2	0	4	110	187	-77	2	10	0
Amersham & Chiltern II	5	1	0	4	55	170	-115	4	8	0
Faringdon	5	2	0	3	55	55	0	4	5	0
Gosford All Blacks II	5	0	0	5	34	101	-67	0	0	-10
COUNTIES 2 TRIBUTE BERKS/BUCKS & OXON SOUTH
Henley III 62 - 27 Beaconsfield II
Maidenhead III 19 - 49 Aldermaston
Marlow II 5 - 61 Abingdon
Tadley 42 - 19 Reading II
	P	W	D	L	F	A	Diff	BP	Pts	Adj
Abingdon	6	6	0	0	166	44	122	3	28	0
Tadley	6	5	0	1	204	88	116	4	25	0
Rams III	6	5	0	1	130	73	57	4	20	0
Beaconsfield II	6	3	0	3	147	136	11	3	15	0
Hungerford	5	3	0	2	106	91	15	1	13	0
Slough	6	2	0	4	93	113	-20	1	9	0
Henley III	6	2	0	4	130	213	-83	2	10	0
Reading II	6	1	0	5	104	206	-102	2	6	0
Maidenhead III	6	1	0	5	86	148	-62	0	4	0
Newbury III	6	1	0	5	36	116	-80	0	4	0
Aldermaston	6	0	0	6	76	216	-140	0	-5	0
COUNTIES 3 TRIBUTE BERKS/BUCKS & OXON NORTH
Banbury III 17 - 31 Aylesbury II
Buckingham II 18 - 17 Witney III
Didcot II 40 - 0 Abingdon II
Grove II 20 - 34 Wallingford II
Oxford Harlequins III 32 - 49 Risborough
	P	W	D	L	F	A	Diff	BP	Pts	Adj
Oxford Harlequins III	4	3	0	1	236	35	201	4	20	0
Aylesbury II	4	2	0	1	98	54	44	3	16	0
Buckingham II	4	3	0	1	111	53	58	2	16	0
Banbury III	4	2	0	2	126	77	49	3	11	0
Risborough	4	2	0	2	101	107	-6	3	11	0
Witney III	4	2	0	2	68	61	7	2	10	0
Wallingford II	4	2	0	2	53	154	-101	0	8	0
Grove II	4	1	0	3	65	138	-73	1	5	0
Didcot II	4	1	0	3	46	126	-80	1	5	0
Abingdon II	4	0	0	4	0	212	-204	0	0	0
COUNTIES 3 TRIBUTE BERKS/BUCKS & OXON SOUTH
Reading III 14 - 66 Rams IV
High Wycombe III P - 50 Crowthorne
Marlow II 5 - 22 Beaconsfield II
Phoenix 26 - 26 Tadley II
Reading Abbey II 44 - 7 Windsor II
	P	W	D	L	F	A	Diff	BP	Pts	Adj
Rams IV	4	4	0	0	178	68	122	3	20	0
Beaconsfield III	4	4	0	0	158	50	108	3	19	0
Crowthorne	4	3	0	1	139	61	78	3	15	0
Tadley II	4	2	1	1	87	67	20	3	13	0
Phoenix	4	2	1	1	117	75	42	2	12	0
Marlow II	4	2	0	2	102	92	10	1	9	0
Reading Abbey II	4	1	0	3	66	111	-45	1	5	0
High Wycombe III	4	1	0	3	55	128	-73	1	5	0
Windsor II	4	0	0	4	29	152	-123	0	0	0
Reading III	4	0	0	4	46	104	-58	2	-8	-10
COUNTIES 4 TRIBUTE BERKS/BUCKS & OXON NORTH
Chinnor IV HWO Buckingham III
Gosford All Blacks III 5 - 41 Tring III
Harwell 12 - 118 Stow-on-the-Wold II
	P	W	D	L	F	A	Diff	BP	Pts	Adj
Stow-on-the-Wold II	3	3	0	0	180	22	158	2	15	0
Tring III	3	3	0	0	103	22	81	2	14	0
Harwell	3	2	0	1	143	149	-6	2	10	0
Chinnor IV	3	2	0	1	50	67	-17	1	10	0
Bicester II	2	1	0	1	20	29	-9	0	5	0
Gosford All Blacks III	4	0	0	3	81	138	-57	2	-1	-5
Littlemore	2	0	0	2	22	52	-30	0	0	0
Buckingham III	3	0	0	3	0	0	0	0	-15	-15
COUNTIES 4 TRIBUTE BERKS/BUCKS & OXON SOUTH
Newbury 32 - 20 Berkshire Shire Hall
Farnham Royal 82 - 0 Thatcham II
Hungerford II HWO High Wycombe III
	P	W	D	L	F	A	Diff	BP	Pts	Adj
Farnham Royal	4	4	0	0	227	17	210	3	19	0
Thatcham II	4	4	0	0	102	64	38	3	17	0
Bracknell IV	3	1	0	1	55	97	-42	1	7	0
Thatcham III	3	1	0	2	50	92	-42	0	5	0
Phoenix II	3	1	0	2	65	106	-41	1	5	0
Berkshire Shire Hall	2	1	0	1	88	39	49	1	5	0
Hungerford II	2	0	0	2	24	71	-47	0	-5	0
High Wycombe III	4	0	0	4	19	146	-127	0	-10	0
COUNTIES 2 TRIBUTE DORSET & WILTS CENTRAL
Corsham 50 - 0 Bradford-on-Avon
Melksham 42 - 14 Amesbury
North Dorset II 15 - 12 Wheatsheaf Cabin Crew
Salisbury II 43 - 19 Westbury
	P	W	D	L	F	A	Diff	BP	Pts	Adj
Corsham	4	4	0	0	150	22	128	3	20	0
Salisbury II	4	3	0	1	137	52	85	3	16	0
North Dorset II	4	3	0	1	74	48	26	1	14	0
Warminster	3	2	0	1	92	63	29	2	11	0
Wheatsheaf CC	4	1	0	3	50	97	-47	2	6	0
Melksham	4	1	0	3	61	74	-13	1	5	0
Salisbury III	3	1	0	2	67	63	4	3	7	0
Amesbury	4	1	0	3	53	88	-35	1	5	0
Bradford-on-Avon	3	0	0	3	49	128	-79	1	1	0
Westbury	4	0	0	4	40	192	-152	0	0	0
COUNTIES 2 TRIBUTE DORSET & WILTS NORTH
Calne 62 - 14 Pewsey Vale
Devizes II 10 - 47 Chippenham II
Marlborough II 8 - 8 Swindon II
Minety 50 - 7 Sutton Benger
	P	W	D	L	F	A	Diff	BP	Pts	Adj
Marlborough	4	4	0	0	222	53	169	4	20	0
Marlborough II	4	3	1	0	153	53	100	3	17	0
Calne	4	2	1	1	109	49	60	2	13	0
Sutton Benger	4	2	0	2	85	108	-23	2	11	0
Minety	4	2	0	2	84	109	-25	2	10	0
Royal WB III	4	1	0	3	91	120	-29	2	6	0
Pewsey Vale	4	1	0	3	64	159	-95	2	6	0
Devizes II	4	1	0	3	46	101	-55	0	4	0
Swindon II	4	0	1	3	33	155	-122	0	2	0
COUNTIES 2 TRIBUTE DORSET & WILTS SOUTH
East Dorset Dockers 29 - 15 Bridport
Lytchett Minster 66 - 5 Bournemouth III
Oakmeadians 27 - 26 Wimborne II
Puddletown 0 - 76 Weymouth & Portland
	P	W	D	L	F	A	Diff	BP	Pts	Adj
Weymouth & Portland	4	4	0	0	125	33	92	4	19	0
Lytchett Minster	4	3	0	1	154	46	108	3	16	0
Wimborne II	4	3	0	1	117	60	57	3	15	0
Swanage & W II	4	3	0	1	87	58	29	3	15	0
Bridport	4	2	0	2	99	80	19	3	11	0
Oakmeadians	4	2	0	2	80	97	-17	1	9	0
East Dorset Dockers	4	2	0	2	88	90	-2	1	9	0
Puddletown	4	0	0	4	40	153	-113	2	2	0
Bournemouth III	4	0	0	4	24	208	-184	0	0	0
COUNTIES 3 TRIBUTE DORSET & WILTS CENTRAL
Corsham II 69 - 9 Melksham II
Trowbridge III 29 - 14 Bath Saracens
Warminster II 32 - 23 Sherborne II
	P	W	D	L	F	A	Diff	BP	Pts	Adj
Corsham II	3	3	0	0	136	26	110	3	15	0
Sherborne II	3	2	0	1	103	49	54	2	10	0
Warminster II	3	2	0	1	109	76	33	2	10	0
Trowbridge III	3	2	0	1	70	75	-5	1	9	0
Melksham II	3	1	0	2	43	104	-61	0	4	0
Bath Saracens	3	0	0	3	55	166	-111	1	1	0
COUNTIES 3 TRIBUTE DORSET & WILTS NORTH
Minety II 10 - 54 Cricklade
Supermarine 23 - 24 Colerne
Swindon College Old Boys II 0 - 99 Chippenham III
	P	W	D	L	F	A	Diff	BP	Pts	Adj
Chippenham III	3	3	0	0	319	61	258	3	15	0
Supermarine	3	2	0	1	96	61	35	2	11	0
Minety II	3	2	0	1	74	93	-19	1	9	0
Cricklade	3	1	0	2	96	108	-12	3	7	0
Royal WV IV	3	1	0	2	74	134	-60	1	5	0
Colerne	3	1	0	2	46	131	-85	0	4	0
Swindon College OB II	4	0	0	4	10	210	-200	0	-5	0
COUNTIES 3 TRIBUTE DORSET & WILTS SOUTH
East Dorset Dockers II AWO Dorchester II
Ellingham & Ringwood II 46 - 19 Salisbury III
Oakmeadians II 27 - 7 Poole
	P	W	D	L	F	A	Diff	BP	Pts	Adj
Ellingham & R'wood II	4	4	0	0	125	48	77	3	20	0
Oakmeadians II	4	3	0	1	94	29	65	2	15	0
Dorchester II	4	2	0	2	107	88	19	3	13	0
Oakmeadians II	4	2	0	2	69	64	5	2	10	0
Poole	4	1	0	3	62	96	-34	1	5	0
Salisbury III	4	1	0	3	47	116	-69	0	4	0
East Dorset Dockers II	4	0	0	4	20	104	-84	0	-20	-20
